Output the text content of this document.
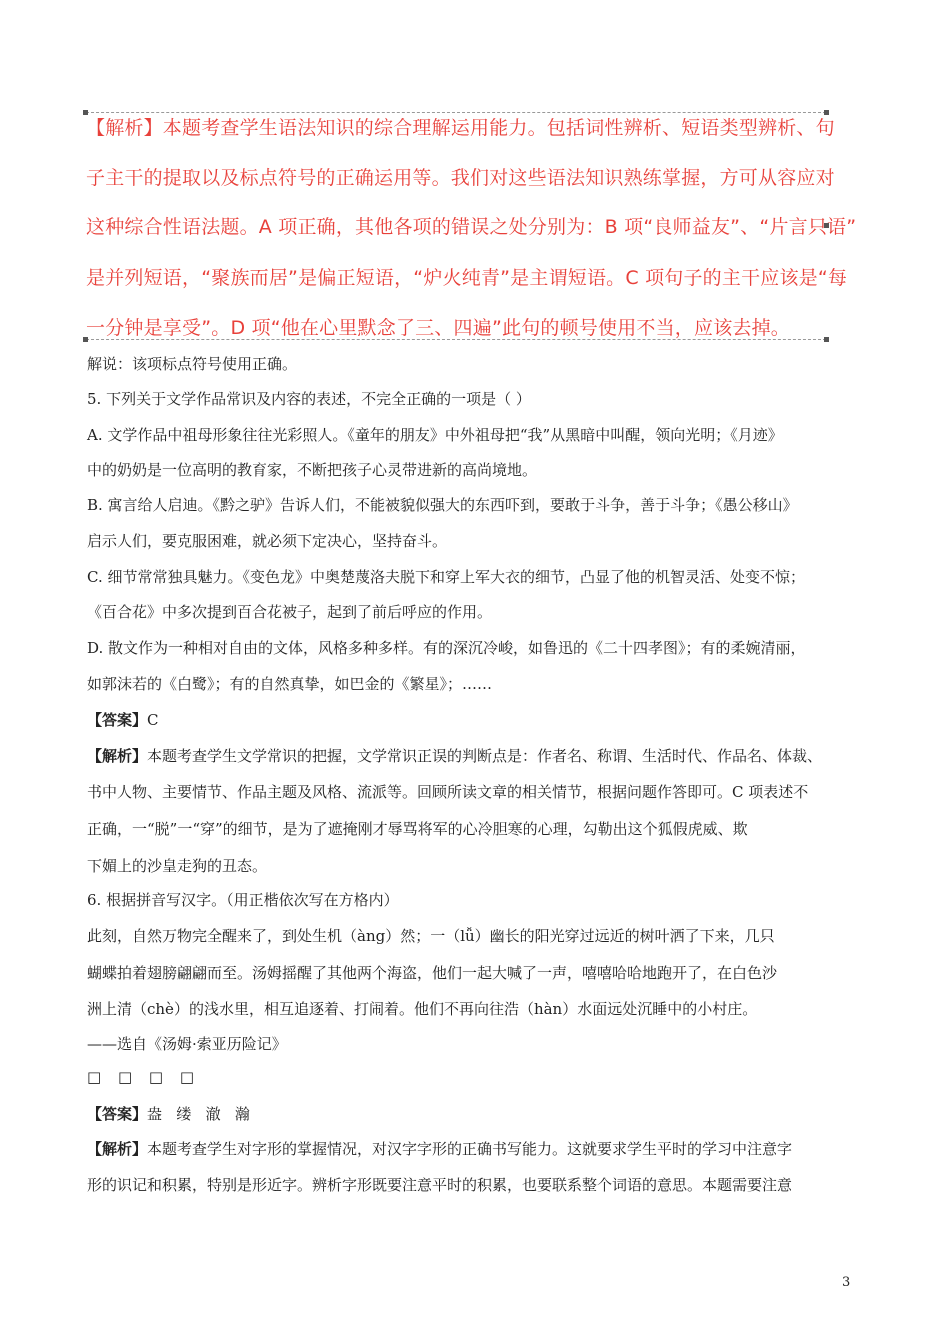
【解析】本题考查学生语法知识的综合理解运用能力。包括词性辨析、短语类型辨析、句
子主干的提取以及标点符号的正确运用等。我们对这些语法知识熟练掌握，方可从容应对
这种综合性语法题。A 项正确，其他各项的错误之处分别为：B 项“良师益友”、“片言只语”
是并列短语，“聚族而居”是偏正短语，“炉火纯青”是主谓短语。C 项句子的主干应该是“每
一分钟是享受”。D 项“他在心里默念了三、四遍”此句的顿号使用不当，应该去掉。
解说：该项标点符号使用正确。
5. 下列关于文学作品常识及内容的表述，不完全正确的一项是（ ）
A. 文学作品中祖母形象往往光彩照人。《童年的朋友》中外祖母把“我”从黑暗中叫醒，领向光明；《月迹》
中的奶奶是一位高明的教育家，不断把孩子心灵带进新的高尚境地。
B. 寓言给人启迪。《黔之驴》告诉人们，不能被貌似强大的东西吓到，要敢于斗争，善于斗争；《愚公移山》
启示人们，要克服困难，就必须下定决心，坚持奋斗。
C. 细节常常独具魅力。《变色龙》中奥楚蔑洛夫脱下和穿上军大衣的细节，凸显了他的机智灵活、处变不惊；
《百合花》中多次提到百合花被子，起到了前后呼应的作用。
D. 散文作为一种相对自由的文体，风格多种多样。有的深沉冷峻，如鲁迅的《二十四孝图》；有的柔婉清丽，
如郭沫若的《白鹭》；有的自然真挚，如巴金的《繁星》；……
【答案】C
【解析】本题考查学生文学常识的把握，文学常识正误的判断点是：作者名、称谓、生活时代、作品名、体裁、
书中人物、主要情节、作品主题及风格、流派等。回顾所读文章的相关情节，根据问题作答即可。C 项表述不
正确，一“脱”一“穿”的细节，是为了遮掩刚才辱骂将军的心冷胆寒的心理，勾勒出这个狐假虎威、欺
下媚上的沙皇走狗的丑态。
6. 根据拼音写汉字。（用正楷依次写在方格内）
此刻，自然万物完全醒来了，到处生机（àng）然；一（lǚ）幽长的阳光穿过远近的树叶洒了下来，几只
蝴蝶拍着翅膀翩翩而至。汤姆摇醒了其他两个海盗，他们一起大喊了一声，嘻嘻哈哈地跑开了，在白色沙
洲上清（chè）的浅水里，相互追逐着、打闹着。他们不再向往浩（hàn）水面远处沉睡中的小村庄。
——选自《汤姆·索亚历险记》
□ □ □ □
【答案】盎   缕   澈   瀚
【解析】本题考查学生对字形的掌握情况，对汉字字形的正确书写能力。这就要求学生平时的学习中注意字
形的识记和积累，特别是形近字。辨析字形既要注意平时的积累，也要联系整个词语的意思。本题需要注意
3
